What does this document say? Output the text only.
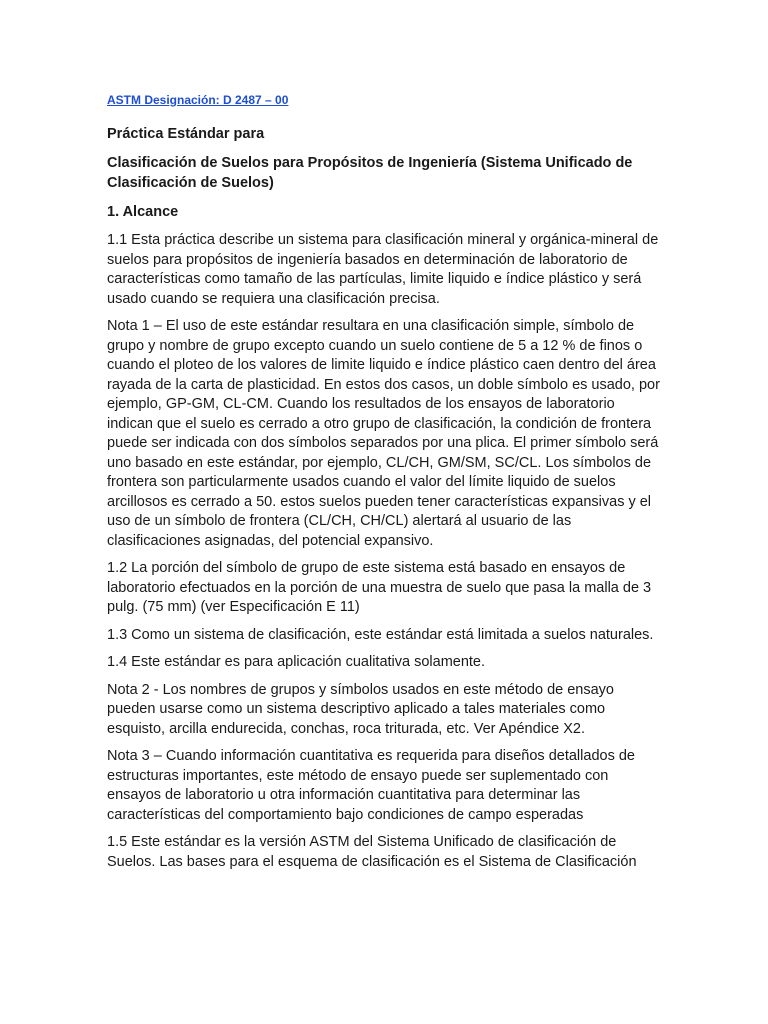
ASTM Designación: D 2487 – 00

Práctica Estándar para

Clasificación de Suelos para Propósitos de Ingeniería (Sistema Unificado de Clasificación de Suelos)

1. Alcance

1.1 Esta práctica describe un sistema para clasificación mineral y orgánica-mineral de suelos para propósitos de ingeniería basados en determinación de laboratorio de características como tamaño de las partículas, limite liquido e índice plástico y será usado cuando se requiera una clasificación precisa.

Nota 1 – El uso de este estándar resultara en una clasificación simple, símbolo de grupo y nombre de grupo excepto cuando un suelo contiene de 5 a 12 % de finos o cuando el ploteo de los valores de limite liquido e índice plástico caen dentro del área rayada de la carta de plasticidad. En estos dos casos, un doble símbolo es usado, por ejemplo, GP-GM, CL-CM. Cuando los resultados de los ensayos de laboratorio indican que el suelo es cerrado a otro grupo de clasificación, la condición de frontera puede ser indicada con dos símbolos separados por una plica. El primer símbolo será uno basado en este estándar, por ejemplo, CL/CH, GM/SM, SC/CL. Los símbolos de frontera son particularmente usados cuando el valor del límite liquido de suelos arcillosos es cerrado a 50. estos suelos pueden tener características expansivas y el uso de un símbolo de frontera (CL/CH, CH/CL) alertará al usuario de las clasificaciones asignadas, del potencial expansivo.

1.2 La porción del símbolo de grupo de este sistema está basado en ensayos de laboratorio efectuados en la porción de una muestra de suelo que pasa la malla de 3 pulg. (75 mm) (ver Especificación E 11)

1.3 Como un sistema de clasificación, este estándar está limitada a suelos naturales.

1.4 Este estándar es para aplicación cualitativa solamente.

Nota 2 - Los nombres de grupos y símbolos usados en este método de ensayo pueden usarse como un sistema descriptivo aplicado a tales materiales como esquisto, arcilla endurecida, conchas, roca triturada, etc. Ver Apéndice X2.

Nota 3 – Cuando información cuantitativa es requerida para diseños detallados de estructuras importantes, este método de ensayo puede ser suplementado con ensayos de laboratorio u otra información cuantitativa para determinar las características del comportamiento bajo condiciones de campo esperadas

1.5 Este estándar es la versión ASTM del Sistema Unificado de clasificación de Suelos. Las bases para el esquema de clasificación es el Sistema de Clasificación
